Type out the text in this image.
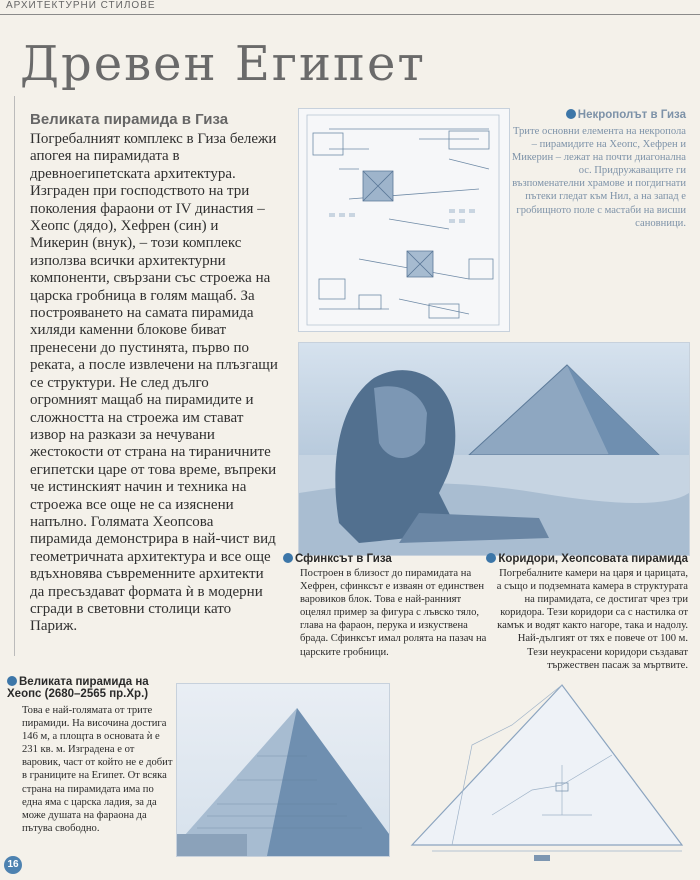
АРХИТЕКТУРНИ СТИЛОВЕ
Древен Египет
Великата пирамида в Гиза
Погребалният комплекс в Гиза бележи апогея на пирамидата в древноегипетската архитектура. Изграден при господството на три поколения фараони от IV династия – Хеопс (дядо), Хефрен (син) и Микерин (внук), – този комплекс използва всички архитектурни компоненти, свързани със строежа на царска гробница в голям мащаб. За построяването на самата пирамида хиляди каменни блокове биват пренесени до пустинята, първо по реката, а после извлечени на плъзгащи се структури. Не след дълго огромният мащаб на пирамидите и сложността на строежа им стават извор на разкази за нечувани жестокости от страна на тираничните египетски царе от това време, въпреки че истинският начин и техника на строежа все още не са изяснени напълно. Голямата Хеопсова пирамида демонстрира в най-чист вид геометричната архитектура и все още вдъхновява съвременните архитекти да пресъздават формата ѝ в модерни сгради в световни столици като Париж.
Некрополът в Гиза
Трите основни елемента на некропола – пирамидите на Хеопс, Хефрен и Микерин – лежат на почти диагонална ос. Придружаващите ги възпоменателни храмове и погдигнати пътеки гледат към Нил, а на запад е гробищното поле с мастаби на висши сановници.
Сфинксът в Гиза
Построен в близост до пирамидата на Хефрен, сфинксът е изваян от единствен варовиков блок. Това е най-ранният оцелял пример за фигура с лъвско тяло, глава на фараон, перука и изкуствена брада. Сфинксът имал ролята на пазач на царските гробници.
Коридори, Хеопсовата пирамида
Погребалните камери на царя и царицата, а също и подземната камера в структурата на пирамидата, се достигат чрез три коридора. Тези коридори са с настилка от камък и водят както нагоре, така и надолу. Най-дългият от тях е повече от 100 м. Тези неукрасени коридори създават тържествен пасаж за мъртвите.
Великата пирамида на
Хеопс (2680–2565 пр.Хр.)
Това е най-голямата от трите пирамиди. На височина достига 146 м, а площта в основата ѝ е 231 кв. м. Изградена е от варовик, част от който не е добит в границите на Египет. От всяка страна на пирамидата има по една яма с царска ладия, за да може душата на фараона да пътува свободно.
16
